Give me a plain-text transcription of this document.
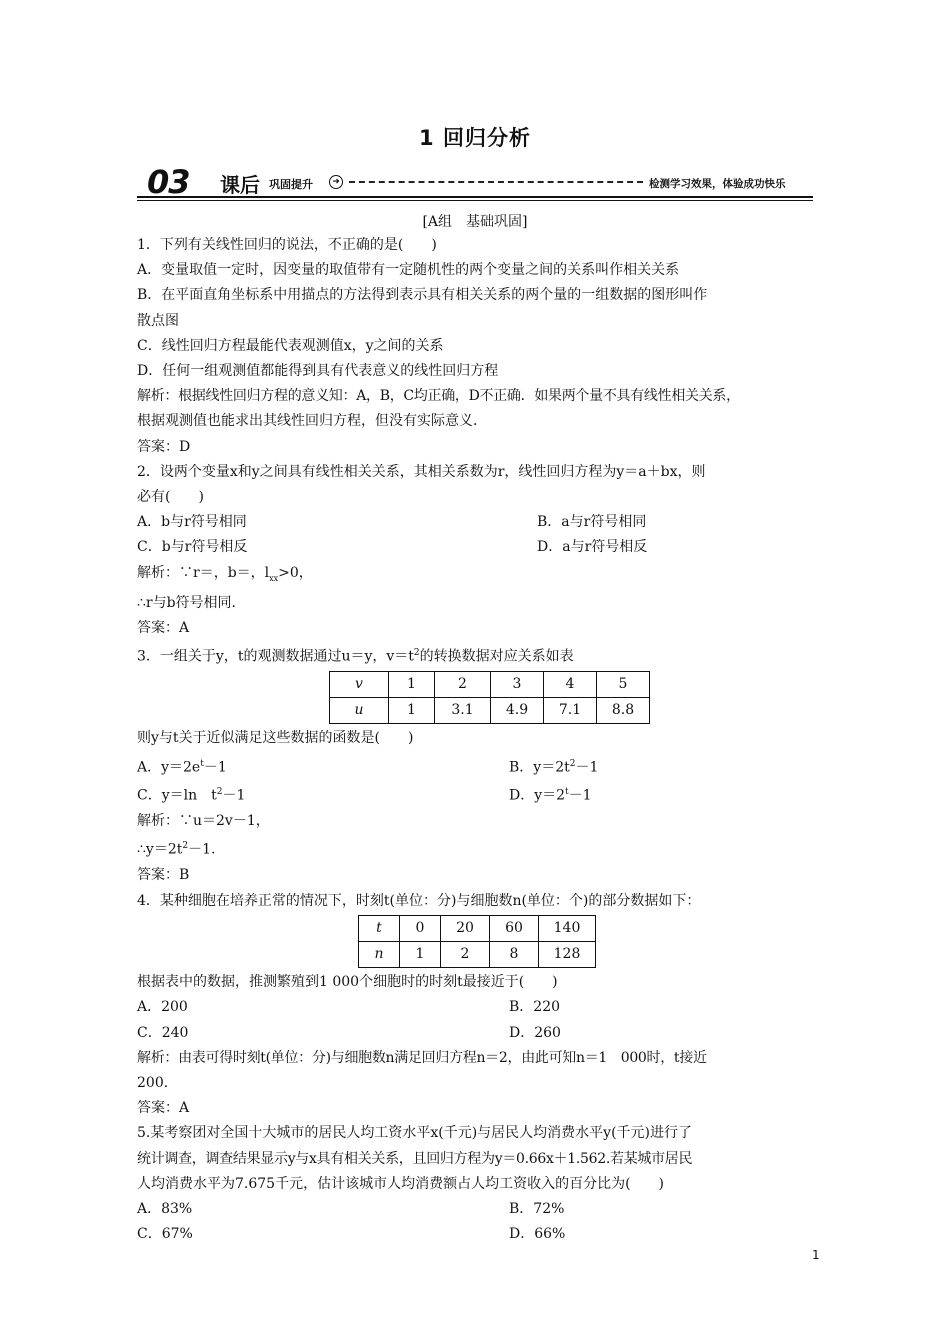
1 回归分析
03 课后 巩固提升	➜	检测学习效果，体验成功快乐
[A组　基础巩固]
1．下列有关线性回归的说法，不正确的是(　　)
A．变量取值一定时，因变量的取值带有一定随机性的两个变量之间的关系叫作相关关系
B．在平面直角坐标系中用描点的方法得到表示具有相关关系的两个量的一组数据的图形叫作
散点图
C．线性回归方程最能代表观测值x，y之间的关系
D．任何一组观测值都能得到具有代表意义的线性回归方程
解析：根据线性回归方程的意义知：A，B，C均正确，D不正确．如果两个量不具有线性相关关系，
根据观测值也能求出其线性回归方程，但没有实际意义．
答案：D
2．设两个变量x和y之间具有线性相关关系，其相关系数为r，线性回归方程为y＝a＋bx，则
必有(　　)
A．b与r符号相同	B．a与r符号相同
C．b与r符号相反	D．a与r符号相反
解析：∵r＝，b＝，$l_{xx}>0$，
∴r与b符号相同．
答案：A
3．一组关于y，t的观测数据通过u＝y，$v=t^2$的转换数据对应关系如表
v	1	2	3	4	5
u	1	3.1	4.9	7.1	8.8
则y与t关于近似满足这些数据的函数是(　　)
A．$y=2e^t-1$	B．$y=2t^2-1$
C．y＝ln　$t^2-1$	D．$y=2^t-1$
解析：∵u＝2v－1，
$\therefore y=2t^2-1$.
答案：B
4．某种细胞在培养正常的情况下，时刻t(单位：分)与细胞数n(单位：个)的部分数据如下：
t	0	20	60	140
n	1	2	8	128
根据表中的数据，推测繁殖到1 000个细胞时的时刻t最接近于(　　)
A．200	B．220
C．240	D．260
解析：由表可得时刻t(单位：分)与细胞数n满足回归方程n＝2，由此可知n＝1　000时，t接近
200.
答案：A
5.某考察团对全国十大城市的居民人均工资水平x(千元)与居民人均消费水平y(千元)进行了
统计调查，调查结果显示y与x具有相关关系，且回归方程为y＝0.66x＋1.562.若某城市居民
人均消费水平为7.675千元，估计该城市人均消费额占人均工资收入的百分比为(　　)
A．83%	B．72%
C．67%	D．66%
1
